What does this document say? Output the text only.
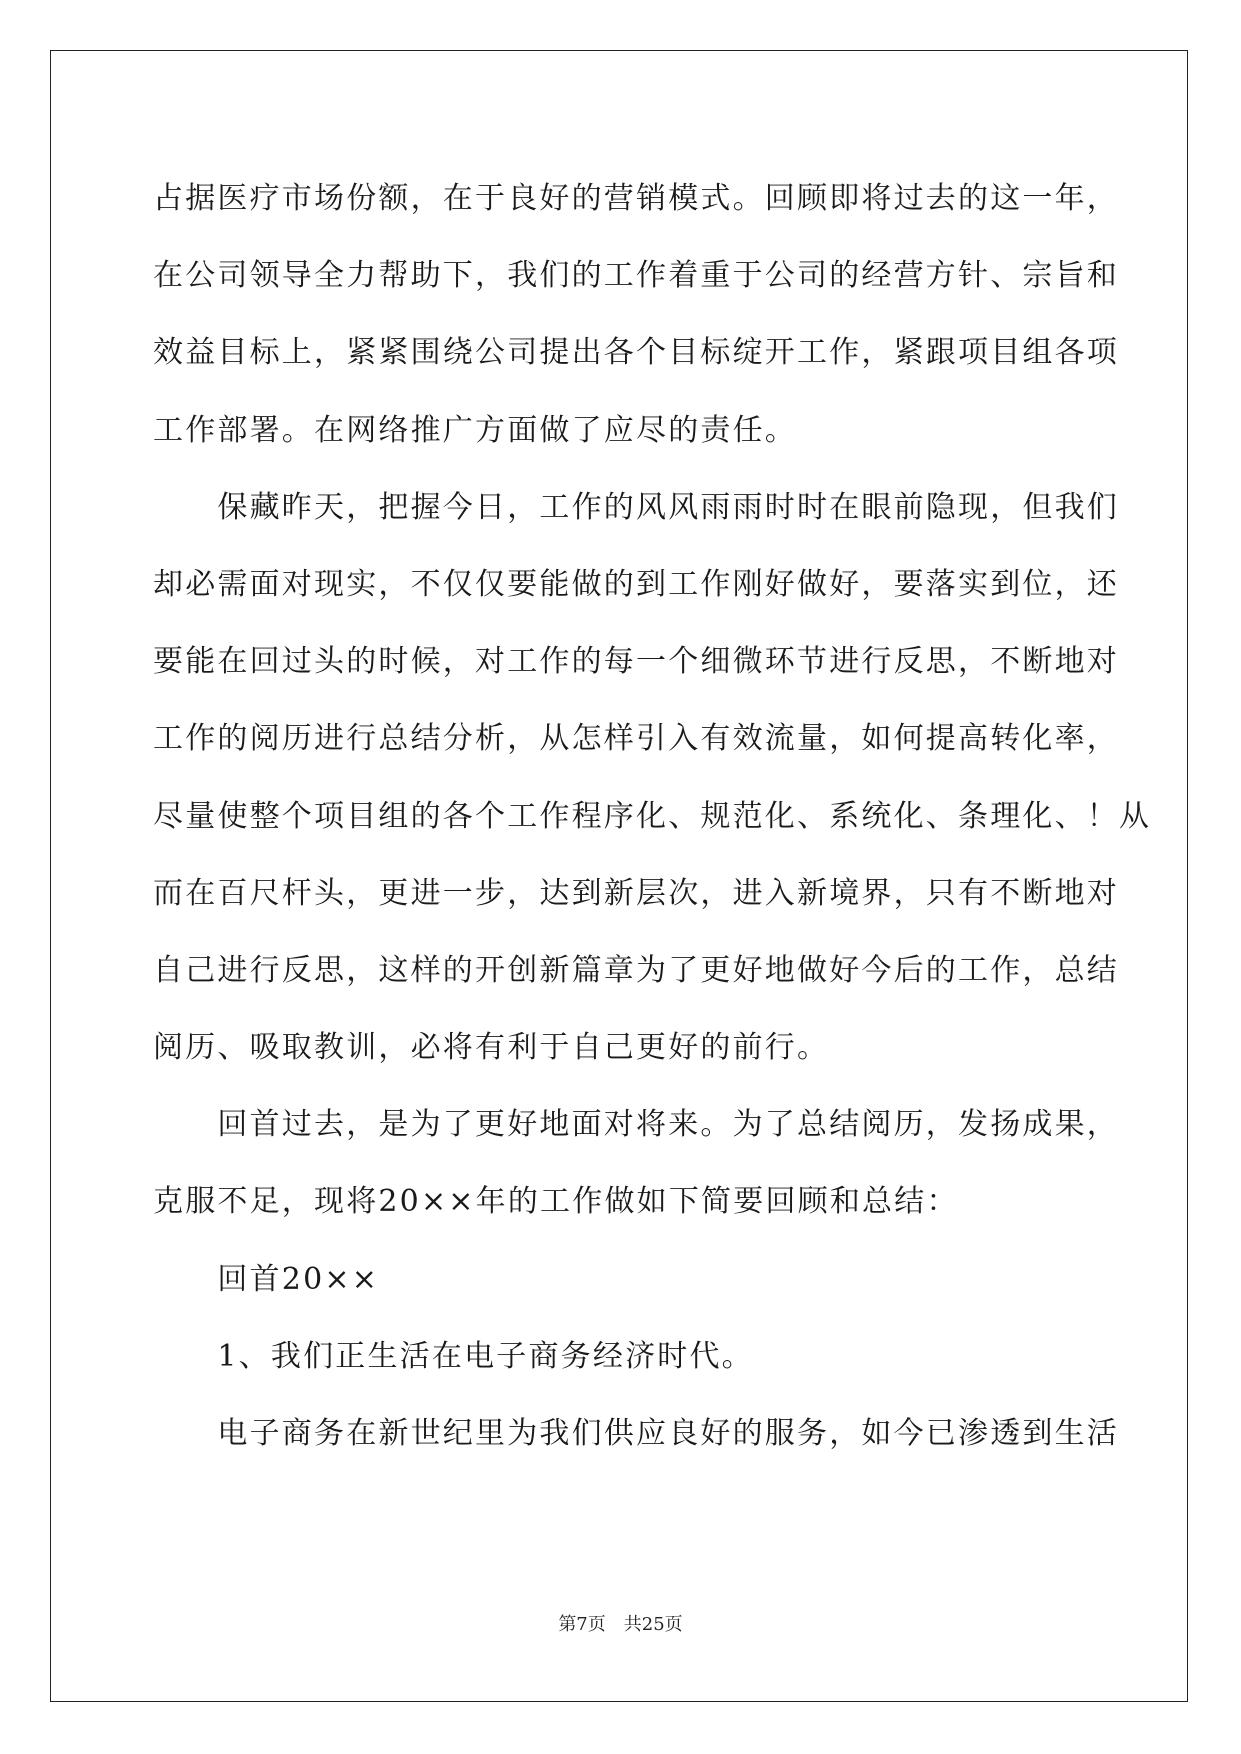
占据医疗市场份额，在于良好的营销模式。回顾即将过去的这一年，
在公司领导全力帮助下，我们的工作着重于公司的经营方针、宗旨和
效益目标上，紧紧围绕公司提出各个目标绽开工作，紧跟项目组各项
工作部署。在网络推广方面做了应尽的责任。
　　保藏昨天，把握今日，工作的风风雨雨时时在眼前隐现，但我们
却必需面对现实，不仅仅要能做的到工作刚好做好，要落实到位，还
要能在回过头的时候，对工作的每一个细微环节进行反思，不断地对
工作的阅历进行总结分析，从怎样引入有效流量，如何提高转化率，
尽量使整个项目组的各个工作程序化、规范化、系统化、条理化、！从
而在百尺杆头，更进一步，达到新层次，进入新境界，只有不断地对
自己进行反思，这样的开创新篇章为了更好地做好今后的工作，总结
阅历、吸取教训，必将有利于自己更好的前行。
　　回首过去，是为了更好地面对将来。为了总结阅历，发扬成果，
克服不足，现将20××年的工作做如下简要回顾和总结：
　　回首20××
　　1、我们正生活在电子商务经济时代。
　　电子商务在新世纪里为我们供应良好的服务，如今已渗透到生活
第7页　共25页
